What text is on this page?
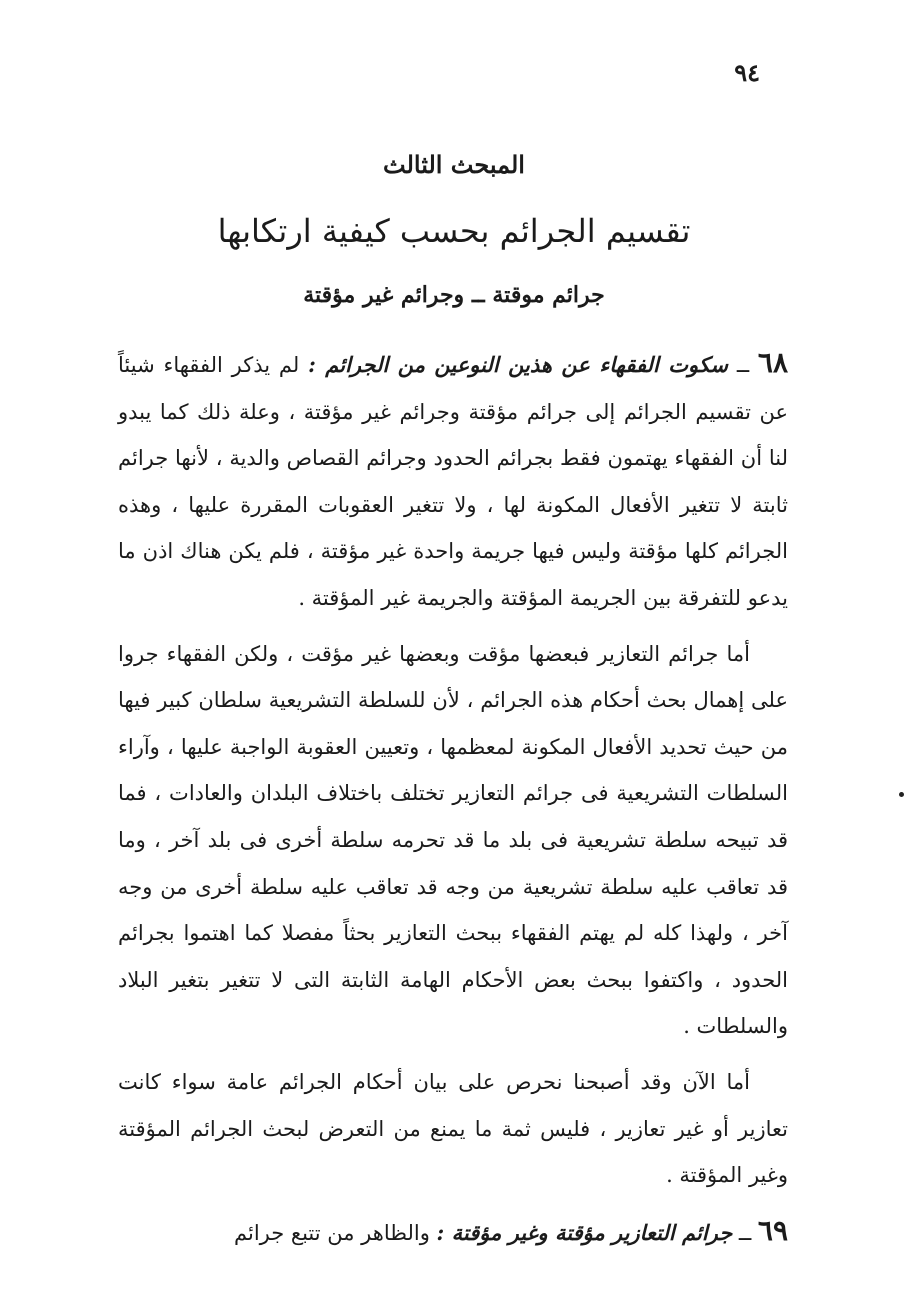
٩٤
المبحث الثالث
تقسيم الجرائم بحسب كيفية ارتكابها
جرائم موقتة ــ وجرائم غير مؤقتة

٦٨ ــ سكوت الفقهاء عن هذين النوعين من الجرائم : لم يذكر الفقهاء شيئاً عن تقسيم الجرائم إلى جرائم مؤقتة وجرائم غير مؤقتة ، وعلة ذلك كما يبدو لنا أن الفقهاء يهتمون فقط بجرائم الحدود وجرائم القصاص والدية ، لأنها جرائم ثابتة لا تتغير الأفعال المكونة لها ، ولا تتغير العقوبات المقررة عليها ، وهذه الجرائم كلها مؤقتة وليس فيها جريمة واحدة غير مؤقتة ، فلم يكن هناك اذن ما يدعو للتفرقة بين الجريمة المؤقتة والجريمة غير المؤقتة .

أما جرائم التعازير فبعضها مؤقت وبعضها غير مؤقت ، ولكن الفقهاء جروا على إهمال بحث أحكام هذه الجرائم ، لأن للسلطة التشريعية سلطان كبير فيها من حيث تحديد الأفعال المكونة لمعظمها ، وتعيين العقوبة الواجبة عليها ، وآراء السلطات التشريعية فى جرائم التعازير تختلف باختلاف البلدان والعادات ، فما قد تبيحه سلطة تشريعية فى بلد ما قد تحرمه سلطة أخرى فى بلد آخر ، وما قد تعاقب عليه سلطة تشريعية من وجه قد تعاقب عليه سلطة أخرى من وجه آخر ، ولهذا كله لم يهتم الفقهاء ببحث التعازير بحثاً مفصلا كما اهتموا بجرائم الحدود ، واكتفوا ببحث بعض الأحكام الهامة الثابتة التى لا تتغير بتغير البلاد والسلطات .

أما الآن وقد أصبحنا نحرص على بيان أحكام الجرائم عامة سواء كانت تعازير أو غير تعازير ، فليس ثمة ما يمنع من التعرض لبحث الجرائم المؤقتة وغير المؤقتة .

٦٩ ــ جرائم التعازير مؤقتة وغير مؤقتة : والظاهر من تتبع جرائم
